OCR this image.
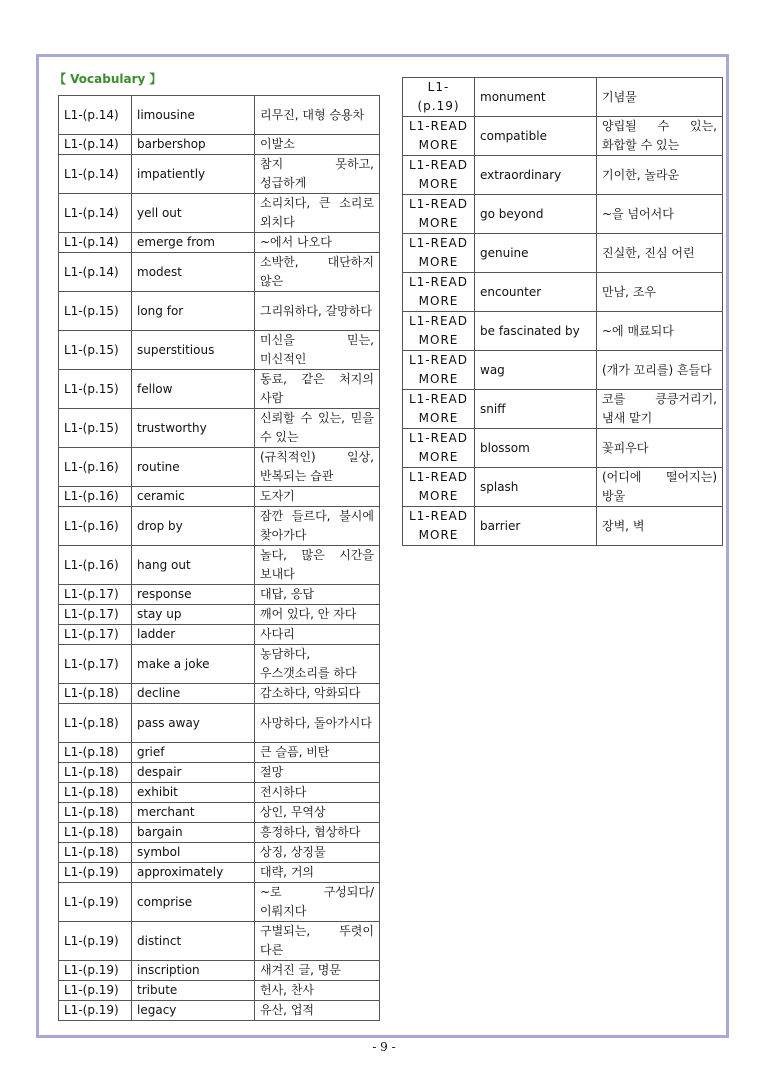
【 Vocabulary 】
L1-(p.14)	limousine	리무진, 대형 승용차
L1-(p.14)	barbershop	이발소
L1-(p.14)	impatiently	참지 못하고, 성급하게
L1-(p.14)	yell out	소리치다, 큰 소리로 외치다
L1-(p.14)	emerge from	~에서 나오다
L1-(p.14)	modest	소박한, 대단하지 않은
L1-(p.15)	long for	그리워하다, 갈망하다
L1-(p.15)	superstitious	미신을 믿는, 미신적인
L1-(p.15)	fellow	동료, 같은 처지의 사람
L1-(p.15)	trustworthy	신뢰할 수 있는, 믿을 수 있는
L1-(p.16)	routine	(규칙적인) 일상, 반복되는 습관
L1-(p.16)	ceramic	도자기
L1-(p.16)	drop by	잠깐 들르다, 불시에 찾아가다
L1-(p.16)	hang out	놀다, 많은 시간을 보내다
L1-(p.17)	response	대답, 응답
L1-(p.17)	stay up	깨어 있다, 안 자다
L1-(p.17)	ladder	사다리
L1-(p.17)	make a joke	농담하다, 우스갯소리를 하다
L1-(p.18)	decline	감소하다, 악화되다
L1-(p.18)	pass away	사망하다, 돌아가시다
L1-(p.18)	grief	큰 슬픔, 비탄
L1-(p.18)	despair	절망
L1-(p.18)	exhibit	전시하다
L1-(p.18)	merchant	상인, 무역상
L1-(p.18)	bargain	흥정하다, 협상하다
L1-(p.18)	symbol	상징, 상징물
L1-(p.19)	approximately	대략, 거의
L1-(p.19)	comprise	~로 구성되다/이뤄지다
L1-(p.19)	distinct	구별되는, 뚜렷이 다른
L1-(p.19)	inscription	새겨진 글, 명문
L1-(p.19)	tribute	헌사, 찬사
L1-(p.19)	legacy	유산, 업적
L1-(p.19)	monument	기념물
L1-READ MORE	compatible	양립될 수 있는, 화합할 수 있는
L1-READ MORE	extraordinary	기이한, 놀라운
L1-READ MORE	go beyond	~을 넘어서다
L1-READ MORE	genuine	진실한, 진심 어린
L1-READ MORE	encounter	만남, 조우
L1-READ MORE	be fascinated by	~에 매료되다
L1-READ MORE	wag	(개가 꼬리를) 흔들다
L1-READ MORE	sniff	코를 킁킁거리기, 냄새 맡기
L1-READ MORE	blossom	꽃피우다
L1-READ MORE	splash	(어디에 떨어지는) 방울
L1-READ MORE	barrier	장벽, 벽
- 9 -
